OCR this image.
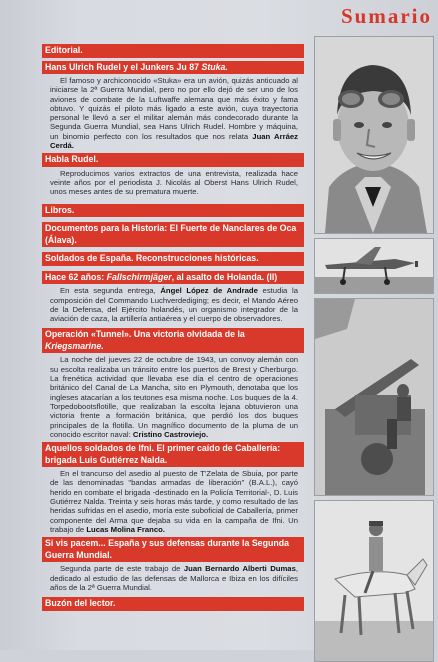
Sumario
Editorial.
Hans Ulrich Rudel y el Junkers Ju 87 Stuka.
El famoso y archiconocido «Stuka» era un avión, quizás anticuado al iniciarse la 2ª Guerra Mundial, pero no por ello dejó de ser uno de los aviones de combate de la Luftwaffe alemana que más éxito y fama obtuvo. Y quizás el piloto más ligado a este avión, cuya trayectoria personal le llevó a ser el militar alemán más condecorado durante la Segunda Guerra Mundial, sea Hans Ulrich Rudel. Hombre y máquina, un binomio perfecto con los resultados que nos relata Juan Arráez Cerdá.
Habla Rudel.
Reproducimos varios extractos de una entrevista, realizada hace veinte años por el periodista J. Nicolás al Oberst Hans Ulrich Rudel, unos meses antes de su prematura muerte.
Libros.
Documentos para la Historia: El Fuerte de Nanclares de Oca (Álava).
Soldados de España. Reconstrucciones históricas.
Hace 62 años: Fallschirmjäger, al asalto de Holanda. (II)
En esta segunda entrega, Ángel López de Andrade estudia la composición del Commando Luchverdediging; es decir, el Mando Aéreo de la Defensa, del Ejército holandés, un organismo integrador de la aviación de caza, la artillería antiaérea y el cuerpo de observadores.
Operación «Tunnel». Una victoria olvidada de la Kriegsmarine.
La noche del jueves 22 de octubre de 1943, un convoy alemán con su escolta realizaba un tránsito entre los puertos de Brest y Cherburgo. La frenética actividad que llevaba ese día el centro de operaciones británico del Canal de La Mancha, sito en Plymouth, denotaba que los ingleses atacarían a los teutones esa misma noche. Los buques de la 4. Torpedobootsflotille, que realizaban la escolta lejana obtuvieron una victoria frente a formación británica, que perdió los dos buques principales de la flotilla. Un magnífico documento de la pluma de un conocido escritor naval: Cristino Castroviejo.
Aquellos soldados de Ifni. El primer caído de Caballería: brigada Luis Gutiérrez Nalda.
En el trancurso del asedio al puesto de T'Zelata de Sbuia, por parte de las denominadas "bandas armadas de liberación" (B.A.L.), cayó herido en combate el brigada -destinado en la Policía Territorial-, D. Luis Gutiérrez Nalda. Treinta y seis horas más tarde, y como resultado de las heridas sufridas en el asedio, moría este suboficial de Caballería, primer componente del Arma que dejaba su vida en la campaña de Ifni. Un trabajo de Lucas Molina Franco.
Si vis pacem... España y sus defensas durante la Segunda Guerra Mundial.
Segunda parte de este trabajo de Juan Bernardo Alberti Dumas, dedicado al estudio de las defensas de Mallorca e Ibiza en los difíciles años de la 2ª Guerra Mundial.
Buzón del lector.
